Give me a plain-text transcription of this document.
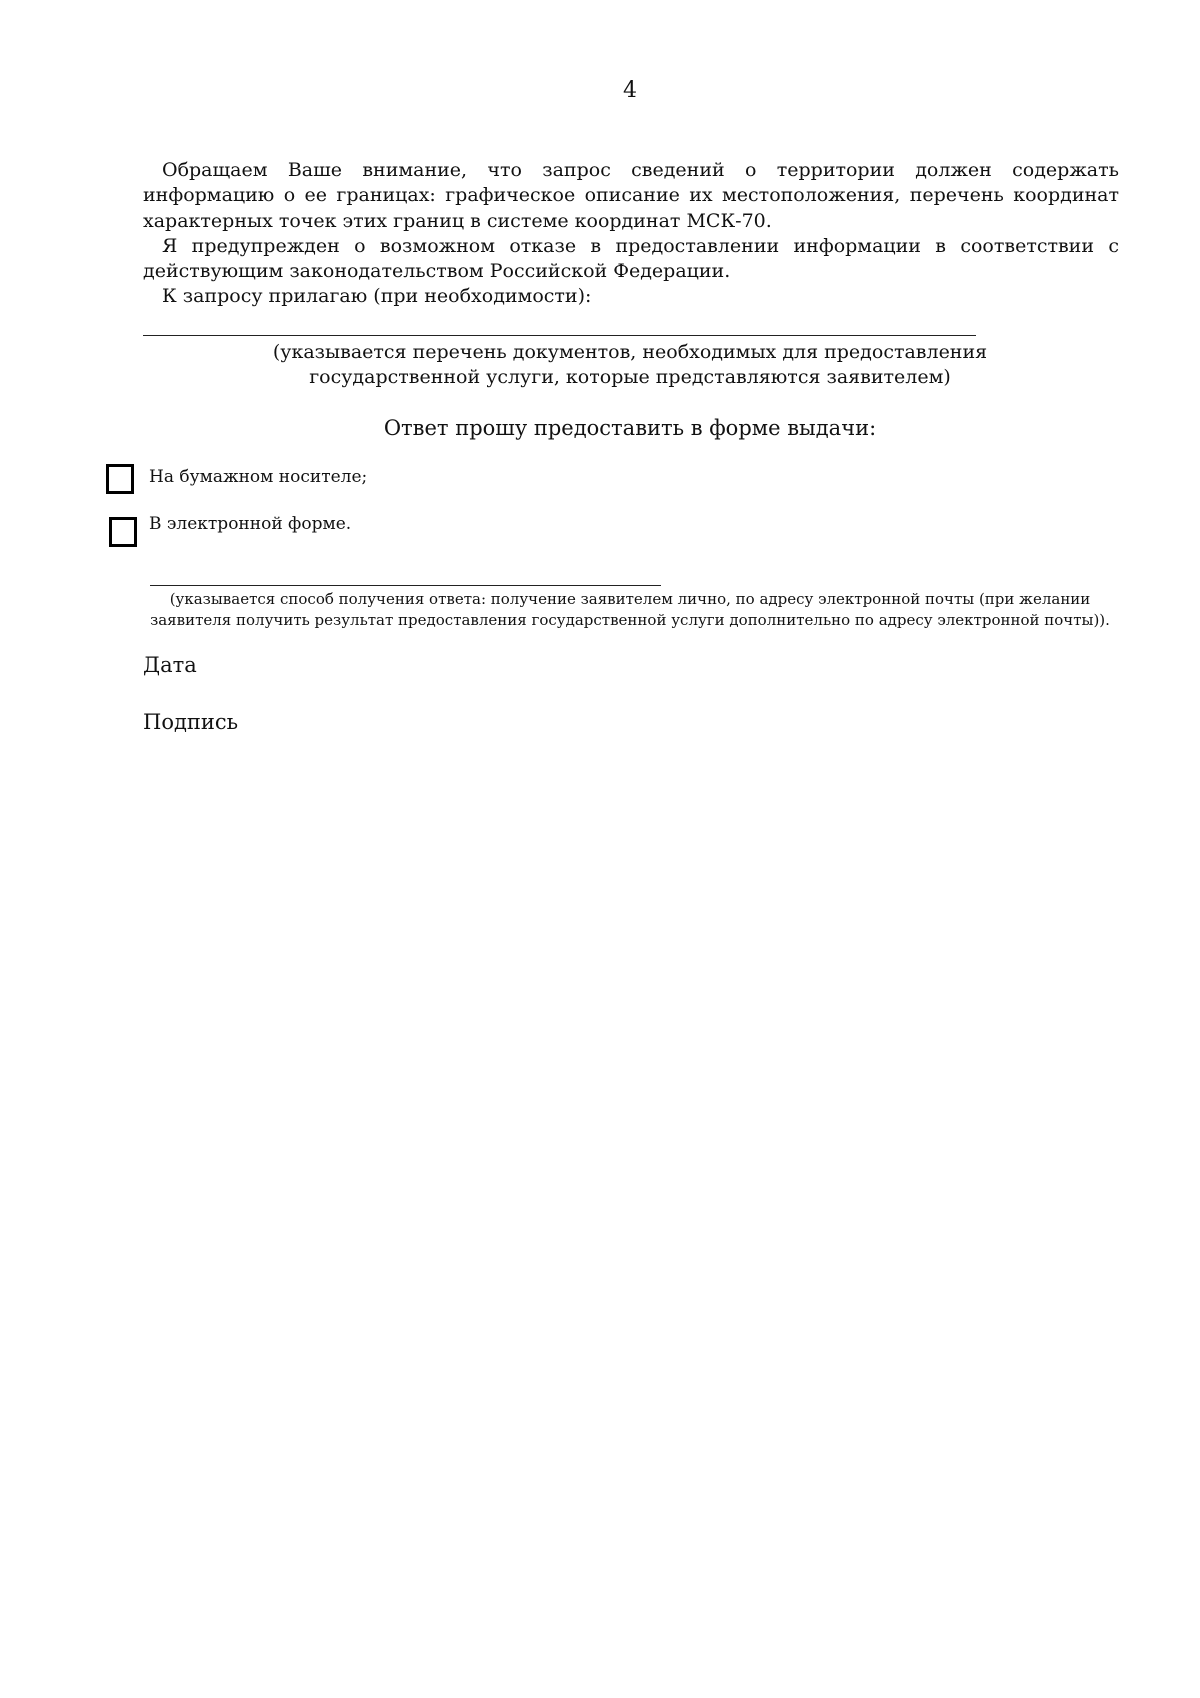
4

Обращаем Ваше внимание, что запрос сведений о территории должен содержать информацию о ее границах: графическое описание их местоположения, перечень координат характерных точек этих границ в системе координат МСК-70.

Я предупрежден о возможном отказе в предоставлении информации в соответствии с действующим законодательством Российской Федерации.

К запросу прилагаю (при необходимости):

(указывается перечень документов, необходимых для предоставления
государственной услуги, которые представляются заявителем)
Ответ прошу предоставить в форме выдачи:
На бумажном носителе;
В электронной форме.
(указывается способ получения ответа: получение заявителем лично, по адресу электронной почты (при желании
заявителя получить результат предоставления государственной услуги дополнительно по адресу электронной почты)).
Дата
Подпись
